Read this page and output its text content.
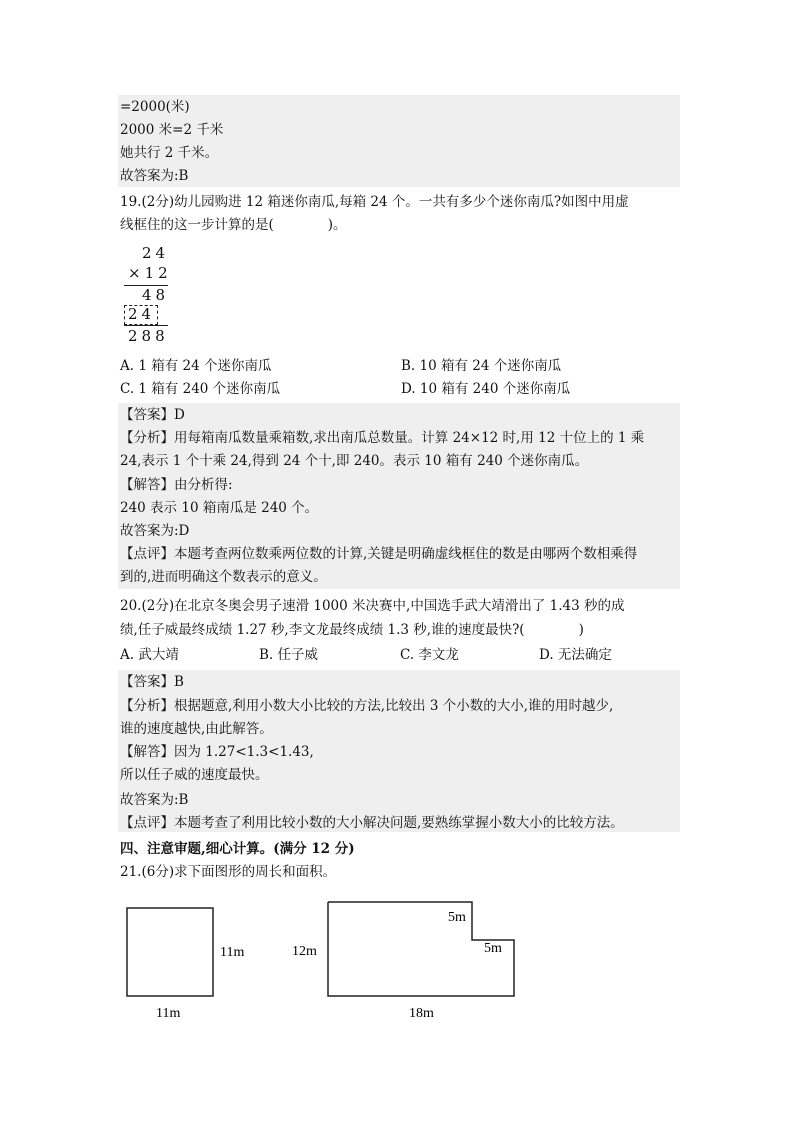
=2000(米)
2000 米=2 千米
她共行 2 千米。
故答案为:B
19.(2分)幼儿园购进 12 箱迷你南瓜,每箱 24 个。一共有多少个迷你南瓜?如图中用虚
线框住的这一步计算的是(　　　　)。
24
×12
48
24
288
A. 1 箱有 24 个迷你南瓜	B. 10 箱有 24 个迷你南瓜
C. 1 箱有 240 个迷你南瓜	D. 10 箱有 240 个迷你南瓜
【答案】D
【分析】用每箱南瓜数量乘箱数,求出南瓜总数量。计算 24×12 时,用 12 十位上的 1 乘
24,表示 1 个十乘 24,得到 24 个十,即 240。表示 10 箱有 240 个迷你南瓜。
【解答】由分析得:
240 表示 10 箱南瓜是 240 个。
故答案为:D
【点评】本题考查两位数乘两位数的计算,关键是明确虚线框住的数是由哪两个数相乘得
到的,进而明确这个数表示的意义。
20.(2分)在北京冬奥会男子速滑 1000 米决赛中,中国选手武大靖滑出了 1.43 秒的成
绩,任子威最终成绩 1.27 秒,李文龙最终成绩 1.3 秒,谁的速度最快?(　　　　)
A. 武大靖	B. 任子威	C. 李文龙	D. 无法确定
【答案】B
【分析】根据题意,利用小数大小比较的方法,比较出 3 个小数的大小,谁的用时越少,
谁的速度越快,由此解答。
【解答】因为 1.27<1.3<1.43,
所以任子威的速度最快。
故答案为:B
【点评】本题考查了利用比较小数的大小解决问题,要熟练掌握小数大小的比较方法。
四、注意审题,细心计算。(满分 12 分)
21.(6分)求下面图形的周长和面积。
11m
11m
12m
18m
5m
5m
